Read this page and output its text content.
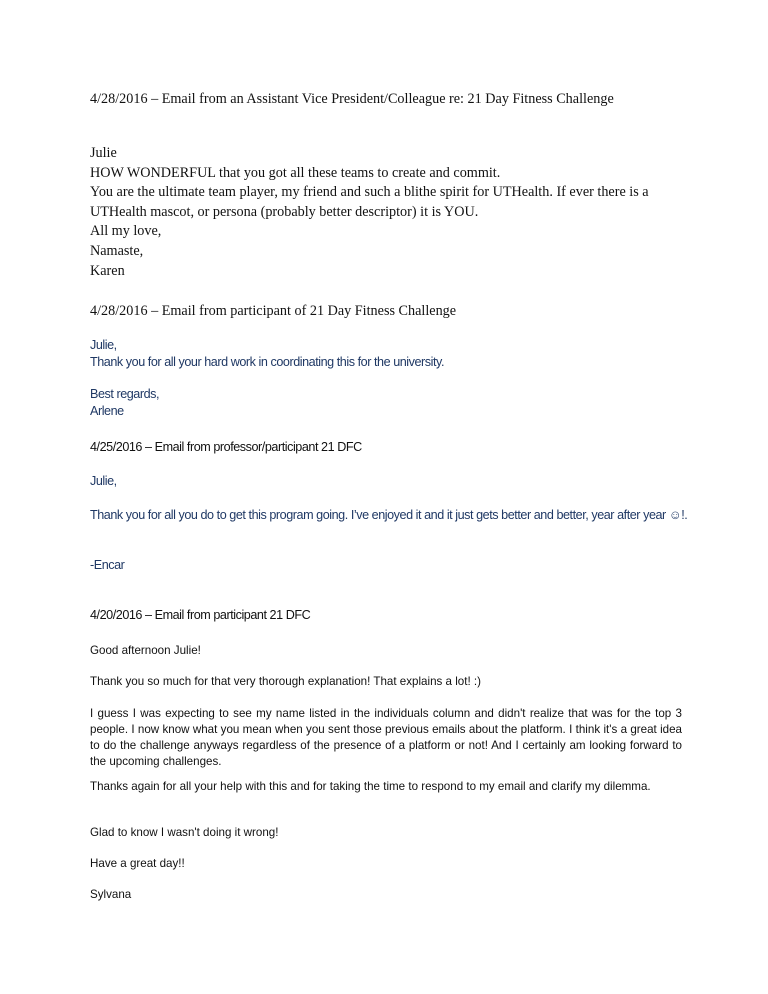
4/28/2016 – Email from an Assistant Vice President/Colleague re: 21 Day Fitness Challenge

Julie
HOW WONDERFUL that you got all these teams to create and commit.
You are the ultimate team player, my friend and such a blithe spirit for UTHealth. If ever there is a UTHealth mascot, or persona (probably better descriptor) it is YOU.
All my love,
Namaste,
Karen

4/28/2016 – Email from participant of 21 Day Fitness Challenge

Julie,

Thank you for all your hard work in coordinating this for the university.

Best regards,

Arlene

4/25/2016 – Email from professor/participant 21 DFC

Julie,

Thank you for all you do to get this program going. I’ve enjoyed it and it just gets better and better, year after year ☺!.

-Encar

4/20/2016 – Email from participant 21 DFC

Good afternoon Julie!

Thank you so much for that very thorough explanation! That explains a lot! :)

I guess I was expecting to see my name listed in the individuals column and didn't realize that was for the top 3 people. I now know what you mean when you sent those previous emails about the platform. I think it's a great idea to do the challenge anyways regardless of the presence of a platform or not! And I certainly am looking forward to the upcoming challenges.

Thanks again for all your help with this and for taking the time to respond to my email and clarify my dilemma.

Glad to know I wasn't doing it wrong!

Have a great day!!

Sylvana
